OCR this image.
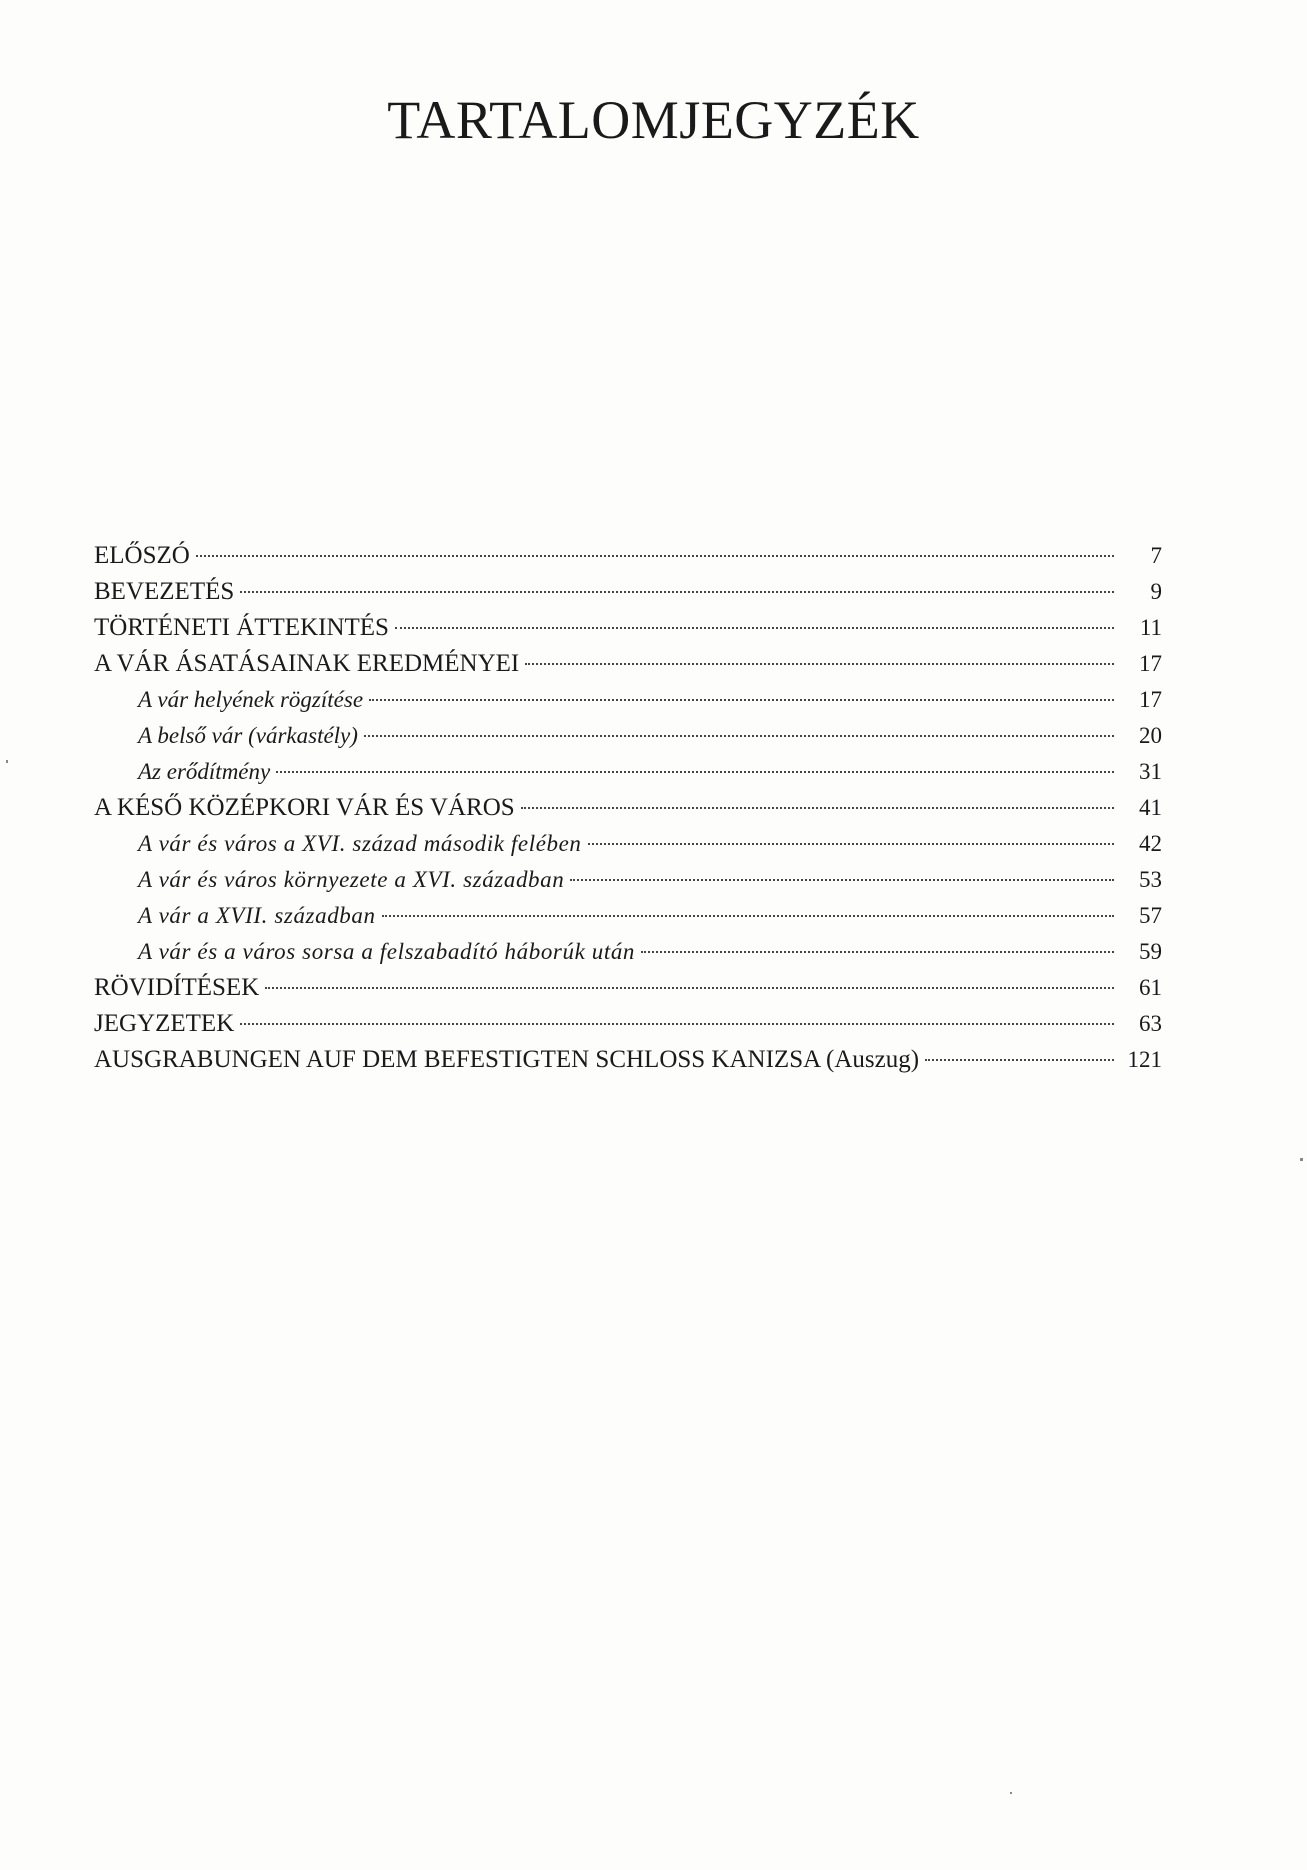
TARTALOMJEGYZÉK
ELŐSZÓ	7
BEVEZETÉS	9
TÖRTÉNETI ÁTTEKINTÉS	11
A VÁR ÁSATÁSAINAK EREDMÉNYEI	17
A vár helyének rögzítése	17
A belső vár (várkastély)	20
Az erődítmény	31
A KÉSŐ KÖZÉPKORI VÁR ÉS VÁROS	41
A vár és város a XVI. század második felében	42
A vár és város környezete a XVI. században	53
A vár a XVII. században	57
A vár és a város sorsa a felszabadító háborúk után	59
RÖVIDÍTÉSEK	61
JEGYZETEK	63
AUSGRABUNGEN AUF DEM BEFESTIGTEN SCHLOSS KANIZSA (Auszug)	121
